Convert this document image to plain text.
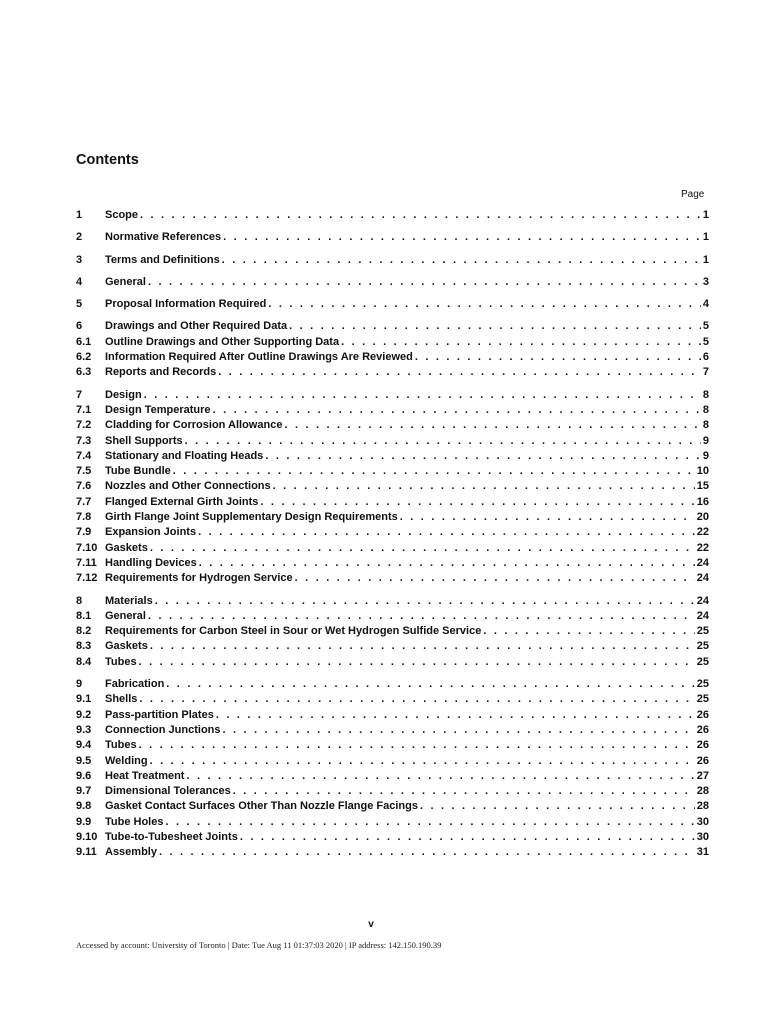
Contents
Page
1	Scope . . .	1
2	Normative References . . .	1
3	Terms and Definitions . . .	1
4	General . . .	3
5	Proposal Information Required . . .	4
6	Drawings and Other Required Data . . .	5
6.1	Outline Drawings and Other Supporting Data . . .	5
6.2	Information Required After Outline Drawings Are Reviewed . . .	6
6.3	Reports and Records . . .	7
7	Design . . .	8
7.1	Design Temperature . . .	8
7.2	Cladding for Corrosion Allowance . . .	8
7.3	Shell Supports . . .	9
7.4	Stationary and Floating Heads . . .	9
7.5	Tube Bundle . . .	10
7.6	Nozzles and Other Connections . . .	15
7.7	Flanged External Girth Joints . . .	16
7.8	Girth Flange Joint Supplementary Design Requirements . . .	20
7.9	Expansion Joints . . .	22
7.10 Gaskets . . .	22
7.11 Handling Devices . . .	24
7.12 Requirements for Hydrogen Service . . .	24
8	Materials . . .	24
8.1	General . . .	24
8.2	Requirements for Carbon Steel in Sour or Wet Hydrogen Sulfide Service . . .	25
8.3	Gaskets . . .	25
8.4	Tubes . . .	25
9	Fabrication . . .	25
9.1	Shells . . .	25
9.2	Pass-partition Plates . . .	26
9.3	Connection Junctions . . .	26
9.4	Tubes . . .	26
9.5	Welding . . .	26
9.6	Heat Treatment . . .	27
9.7	Dimensional Tolerances . . .	28
9.8	Gasket Contact Surfaces Other Than Nozzle Flange Facings . . .	28
9.9	Tube Holes . . .	30
9.10 Tube-to-Tubesheet Joints . . .	30
9.11 Assembly . . .	31
v
Accessed by account: University of Toronto | Date: Tue Aug 11 01:37:03 2020 | IP address: 142.150.190.39
